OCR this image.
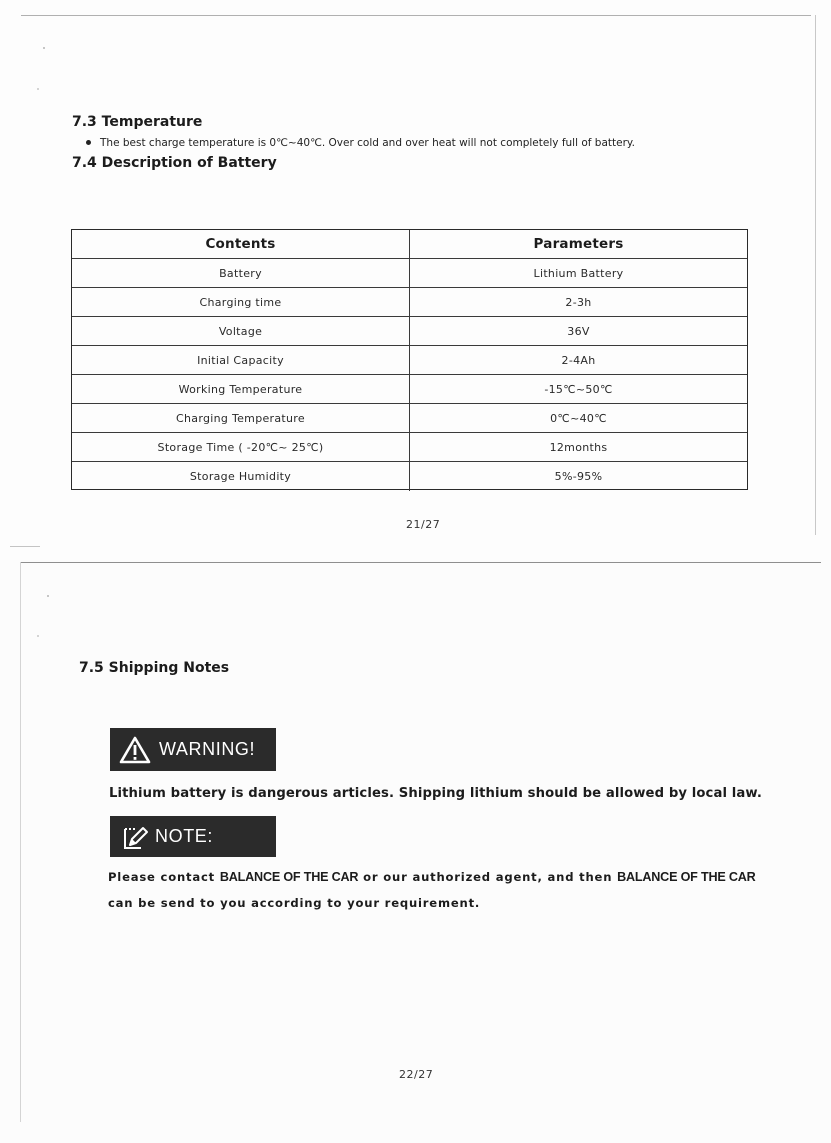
7.3 Temperature
The best charge temperature is 0℃~40℃. Over cold and over heat will not completely full of battery.
7.4 Description of Battery
Contents	Parameters
Battery	Lithium Battery
Charging time	2-3h
Voltage	36V
Initial Capacity	2-4Ah
Working Temperature	-15℃~50℃
Charging Temperature	0℃~40℃
Storage Time ( -20℃~ 25℃)	12months
Storage Humidity	5%-95%
21/27
7.5 Shipping Notes
WARNING!
Lithium battery is dangerous articles. Shipping lithium should be allowed by local law.
NOTE:
Please contact BALANCE OF THE CAR or our authorized agent, and then BALANCE OF THE CAR
can be send to you according to your requirement.
22/27
